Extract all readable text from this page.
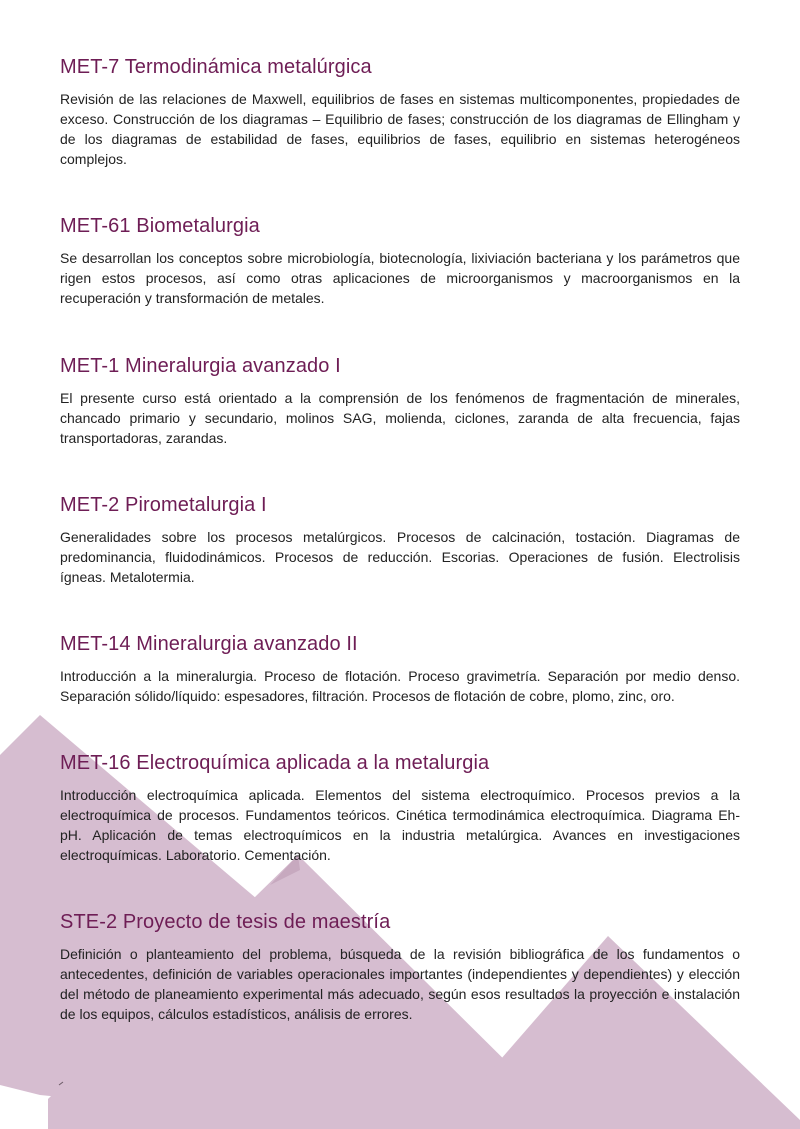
MET-7 Termodinámica metalúrgica

Revisión de las relaciones de Maxwell, equilibrios de fases en sistemas multicomponentes, propiedades de exceso. Construcción de los diagramas – Equilibrio de fases; construcción de los diagramas de Ellingham y de los diagramas de estabilidad de fases, equilibrios de fases, equilibrio en sistemas heterogéneos complejos.

MET-61 Biometalurgia

Se desarrollan los conceptos sobre microbiología, biotecnología, lixiviación bacteriana y los parámetros que rigen estos procesos, así como otras aplicaciones de microorganismos y macroorganismos en la recuperación y transformación de metales.

MET-1 Mineralurgia avanzado I

El presente curso está orientado a la comprensión de los fenómenos de fragmentación de minerales, chancado primario y secundario, molinos SAG, molienda, ciclones, zaranda de alta frecuencia, fajas transportadoras, zarandas.

MET-2 Pirometalurgia I

Generalidades sobre los procesos metalúrgicos. Procesos de calcinación, tostación. Diagramas de predominancia, fluidodinámicos. Procesos de reducción. Escorias. Operaciones de fusión. Electrolisis ígneas. Metalotermia.

MET-14 Mineralurgia avanzado II

Introducción a la mineralurgia. Proceso de flotación. Proceso gravimetría. Separación por medio denso. Separación sólido/líquido: espesadores, filtración. Procesos de flotación de cobre, plomo, zinc, oro.

MET-16 Electroquímica aplicada a la metalurgia

Introducción electroquímica aplicada. Elementos del sistema electroquímico. Procesos previos a la electroquímica de procesos. Fundamentos teóricos. Cinética termodinámica electroquímica. Diagrama Eh-pH. Aplicación de temas electroquímicos en la industria metalúrgica. Avances en investigaciones electroquímicas. Laboratorio. Cementación.

STE-2 Proyecto de tesis de maestría

Definición o planteamiento del problema, búsqueda de la revisión bibliográfica de los fundamentos o antecedentes, definición de variables operacionales importantes (independientes y dependientes) y elección del método de planeamiento experimental más adecuado, según esos resultados la proyección e instalación de los equipos, cálculos estadísticos, análisis de errores.
